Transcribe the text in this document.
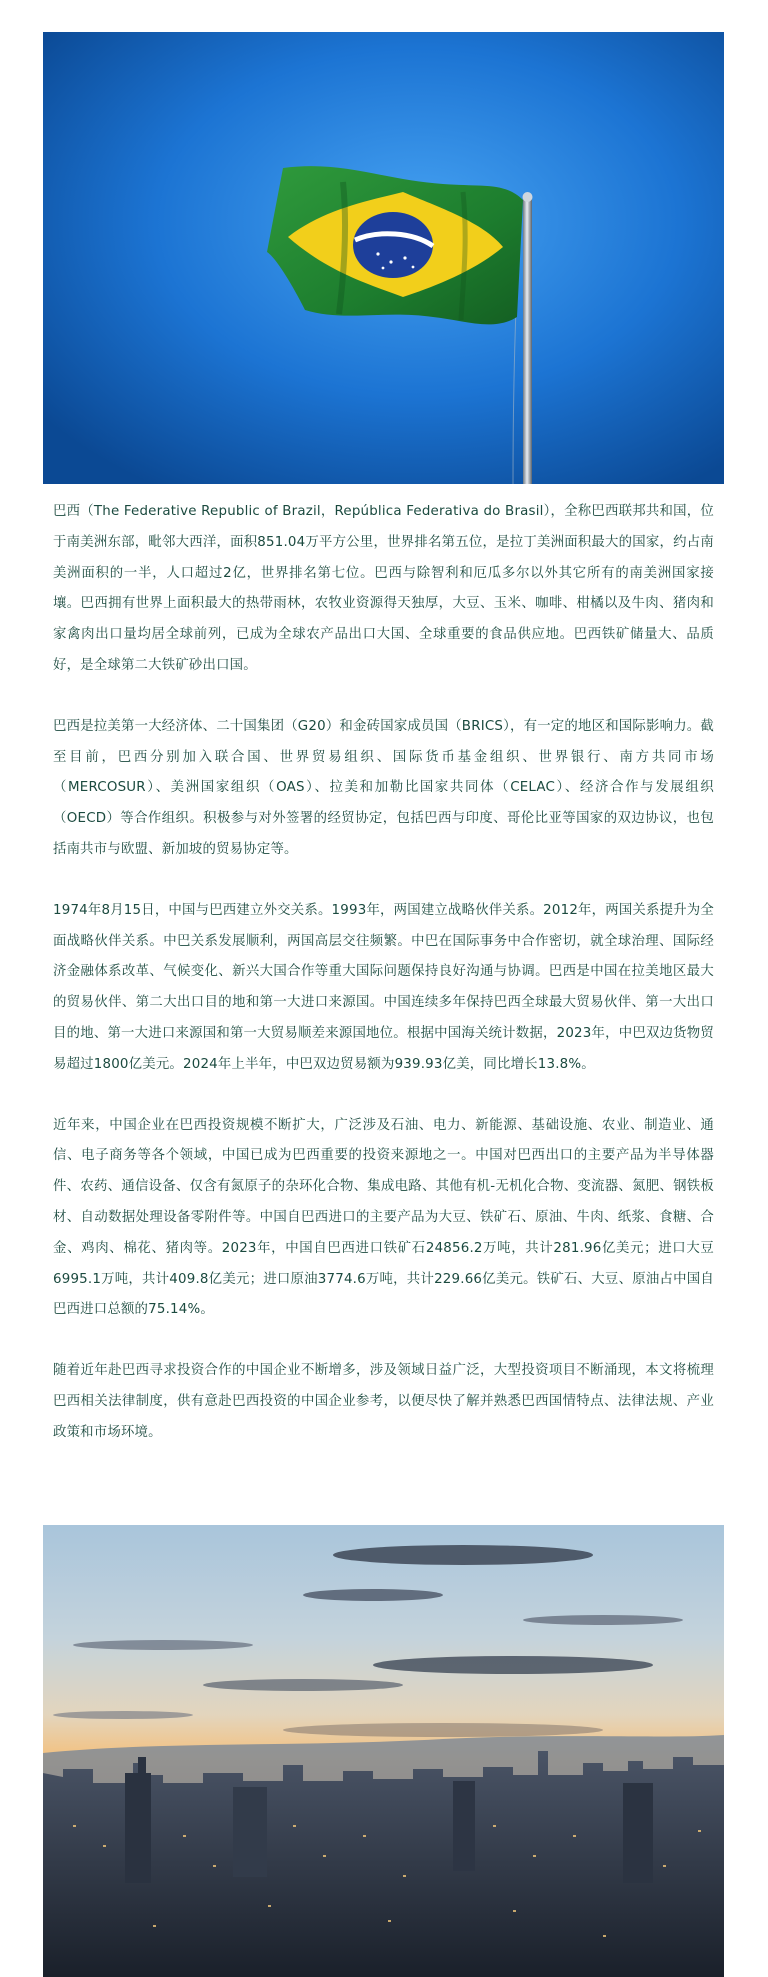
巴西（The Federative Republic of Brazil，República Federativa do Brasil），全称巴西联邦共和国，位于南美洲东部，毗邻大西洋，面积851.04万平方公里，世界排名第五位，是拉丁美洲面积最大的国家，约占南美洲面积的一半，人口超过2亿，世界排名第七位。巴西与除智利和厄瓜多尔以外其它所有的南美洲国家接壤。巴西拥有世界上面积最大的热带雨林，农牧业资源得天独厚，大豆、玉米、咖啡、柑橘以及牛肉、猪肉和家禽肉出口量均居全球前列，已成为全球农产品出口大国、全球重要的食品供应地。巴西铁矿储量大、品质好，是全球第二大铁矿砂出口国。

巴西是拉美第一大经济体、二十国集团（G20）和金砖国家成员国（BRICS），有一定的地区和国际影响力。截至目前，巴西分别加入联合国、世界贸易组织、国际货币基金组织、世界银行、南方共同市场（MERCOSUR）、美洲国家组织（OAS）、拉美和加勒比国家共同体（CELAC）、经济合作与发展组织（OECD）等合作组织。积极参与对外签署的经贸协定，包括巴西与印度、哥伦比亚等国家的双边协议，也包括南共市与欧盟、新加坡的贸易协定等。

1974年8月15日，中国与巴西建立外交关系。1993年，两国建立战略伙伴关系。2012年，两国关系提升为全面战略伙伴关系。中巴关系发展顺利，两国高层交往频繁。中巴在国际事务中合作密切，就全球治理、国际经济金融体系改革、气候变化、新兴大国合作等重大国际问题保持良好沟通与协调。巴西是中国在拉美地区最大的贸易伙伴、第二大出口目的地和第一大进口来源国。中国连续多年保持巴西全球最大贸易伙伴、第一大出口目的地、第一大进口来源国和第一大贸易顺差来源国地位。根据中国海关统计数据，2023年，中巴双边货物贸易超过1800亿美元。2024年上半年，中巴双边贸易额为939.93亿美，同比增长13.8%。

近年来，中国企业在巴西投资规模不断扩大，广泛涉及石油、电力、新能源、基础设施、农业、制造业、通信、电子商务等各个领域，中国已成为巴西重要的投资来源地之一。中国对巴西出口的主要产品为半导体器件、农药、通信设备、仅含有氮原子的杂环化合物、集成电路、其他有机-无机化合物、变流器、氮肥、钢铁板材、自动数据处理设备零附件等。中国自巴西进口的主要产品为大豆、铁矿石、原油、牛肉、纸浆、食糖、合金、鸡肉、棉花、猪肉等。2023年，中国自巴西进口铁矿石24856.2万吨，共计281.96亿美元；进口大豆6995.1万吨，共计409.8亿美元；进口原油3774.6万吨，共计229.66亿美元。铁矿石、大豆、原油占中国自巴西进口总额的75.14%。

随着近年赴巴西寻求投资合作的中国企业不断增多，涉及领域日益广泛，大型投资项目不断涌现，本文将梳理巴西相关法律制度，供有意赴巴西投资的中国企业参考，以便尽快了解并熟悉巴西国情特点、法律法规、产业政策和市场环境。
